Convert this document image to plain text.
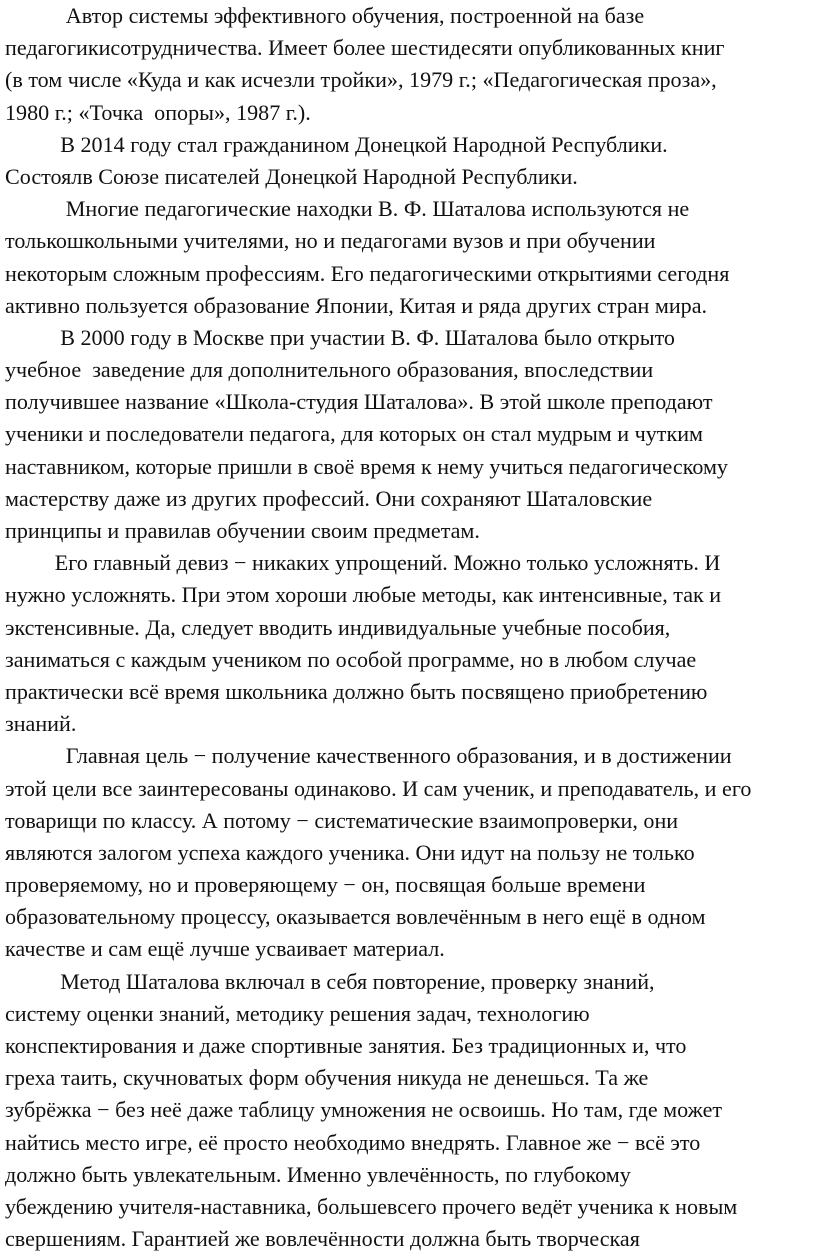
Автор системы эффективного обучения, построенной на базе
педагогикисотрудничества. Имеет более шестидесяти опубликованных книг
(в том числе «Куда и как исчезли тройки», 1979 г.; «Педагогическая проза»,
1980 г.; «Точка  опоры», 1987 г.).
В 2014 году стал гражданином Донецкой Народной Республики.
Состоялв Союзе писателей Донецкой Народной Республики.
Многие педагогические находки В. Ф. Шаталова используются не
толькошкольными учителями, но и педагогами вузов и при обучении
некоторым сложным профессиям. Его педагогическими открытиями сегодня
активно пользуется образование Японии, Китая и ряда других стран мира.
В 2000 году в Москве при участии В. Ф. Шаталова было открыто
учебное  заведение для дополнительного образования, впоследствии
получившее название «Школа-студия Шаталова». В этой школе преподают
ученики и последователи педагога, для которых он стал мудрым и чутким
наставником, которые пришли в своё время к нему учиться педагогическому
мастерству даже из других профессий. Они сохраняют Шаталовские
принципы и правилав обучении своим предметам.
Его главный девиз − никаких упрощений. Можно только усложнять. И
нужно усложнять. При этом хороши любые методы, как интенсивные, так и
экстенсивные. Да, следует вводить индивидуальные учебные пособия,
заниматься с каждым учеником по особой программе, но в любом случае
практически всё время школьника должно быть посвящено приобретению
знаний.
Главная цель − получение качественного образования, и в достижении
этой цели все заинтересованы одинаково. И сам ученик, и преподаватель, и его
товарищи по классу. А потому − систематические взаимопроверки, они
являются залогом успеха каждого ученика. Они идут на пользу не только
проверяемому, но и проверяющему − он, посвящая больше времени
образовательному процессу, оказывается вовлечённым в него ещё в одном
качестве и сам ещё лучше усваивает материал.
Метод Шаталова включал в себя повторение, проверку знаний,
систему оценки знаний, методику решения задач, технологию
конспектирования и даже спортивные занятия. Без традиционных и, что
греха таить, скучноватых форм обучения никуда не денешься. Та же
зубрёжка − без неё даже таблицу умножения не освоишь. Но там, где может
найтись место игре, её просто необходимо внедрять. Главное же − всё это
должно быть увлекательным. Именно увлечённость, по глубокому
убеждению учителя-наставника, большевсего прочего ведёт ученика к новым
свершениям. Гарантией же вовлечённости должна быть творческая
